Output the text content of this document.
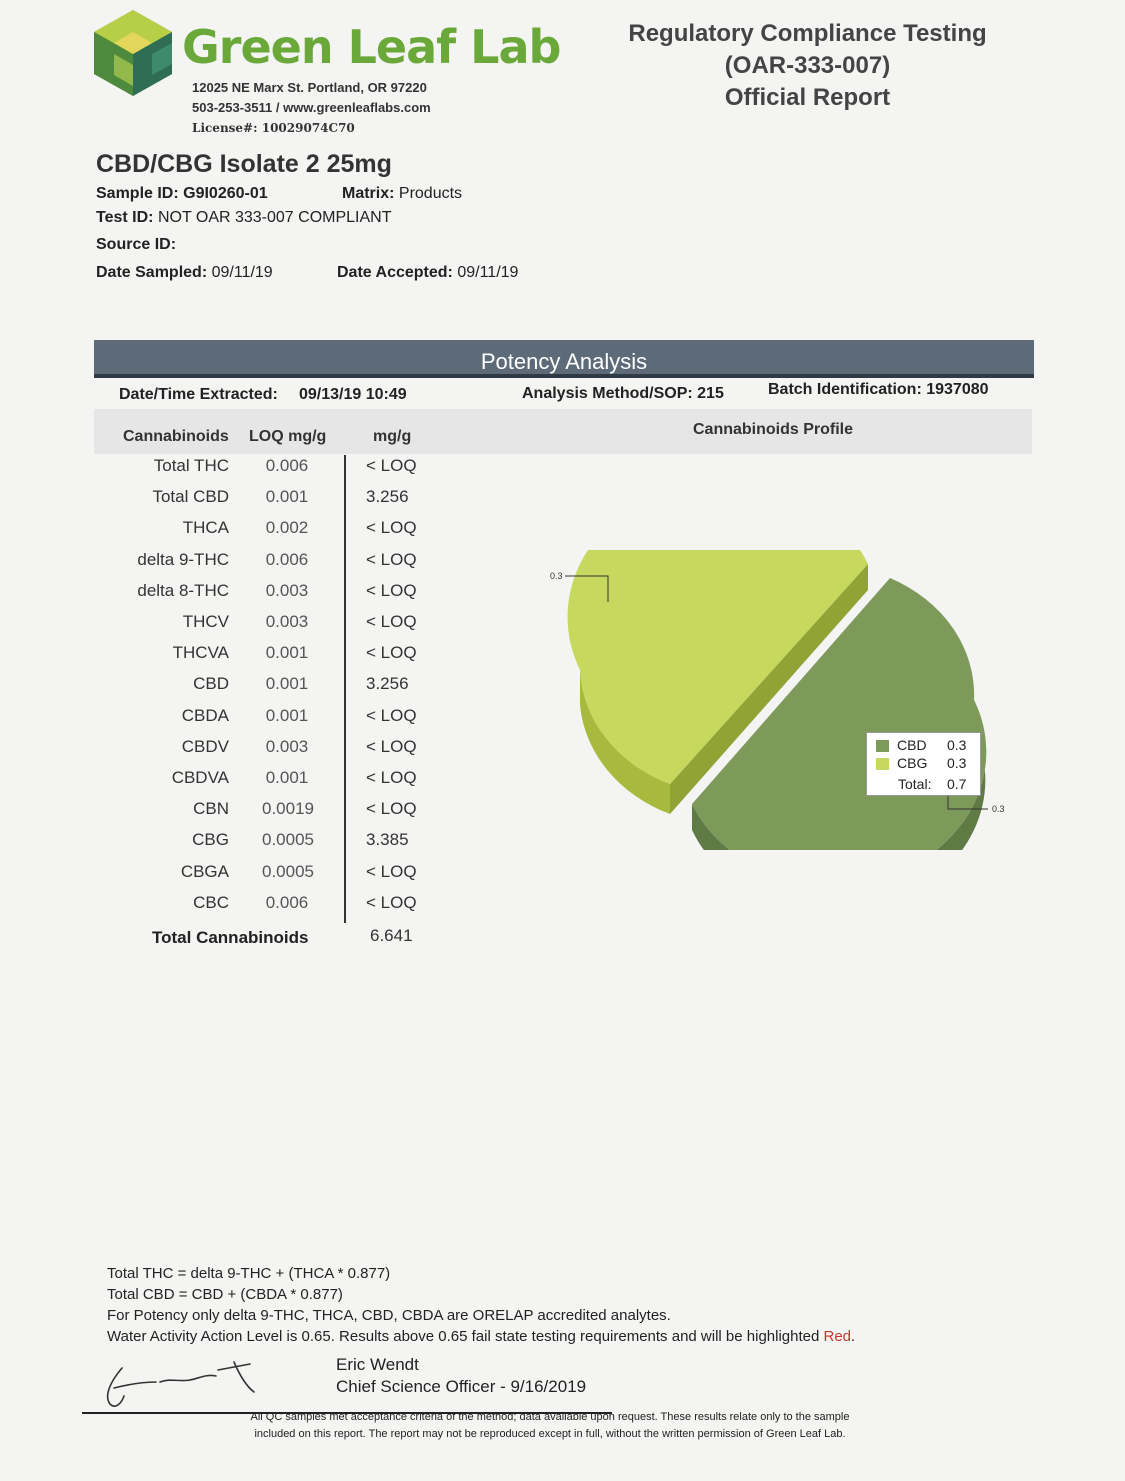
Green Leaf Lab
12025 NE Marx St. Portland, OR 97220
503-253-3511 / www.greenleaflabs.com
License#: 10029074C70
Regulatory Compliance Testing
(OAR-333-007)
Official Report
CBD/CBG Isolate 2 25mg
Sample ID: G9I0260-01	Matrix: Products
Test ID: NOT OAR 333-007 COMPLIANT
Source ID:
Date Sampled: 09/11/19	Date Accepted: 09/11/19
Potency Analysis
Date/Time Extracted: 09/13/19 10:49	Analysis Method/SOP: 215	Batch Identification: 1937080
Cannabinoids LOQ mg/g	mg/g	Cannabinoids Profile
Total THC 0.006	< LOQ
Total CBD 0.001	3.256
THCA 0.002	< LOQ
delta 9-THC 0.006	< LOQ
delta 8-THC 0.003	< LOQ
THCV 0.003	< LOQ
THCVA 0.001	< LOQ
CBD 0.001	3.256
CBDA 0.001	< LOQ
CBDV 0.003	< LOQ
CBDVA 0.001	< LOQ
CBN 0.0019	< LOQ
CBG 0.0005	3.385
CBGA 0.0005	< LOQ
CBC 0.006	< LOQ
Total Cannabinoids	6.641
0.3
0.3
CBD 0.3
CBG 0.3
Total: 0.7
Total THC = delta 9-THC + (THCA * 0.877)
Total CBD = CBD + (CBDA * 0.877)
For Potency only delta 9-THC, THCA, CBD, CBDA are ORELAP accredited analytes.
Water Activity Action Level is 0.65. Results above 0.65 fail state testing requirements and will be highlighted Red.
Eric Wendt
Chief Science Officer - 9/16/2019
All QC samples met acceptance criteria of the method; data available upon request. These results relate only to the sample
included on this report. The report may not be reproduced except in full, without the written permission of Green Leaf Lab.
